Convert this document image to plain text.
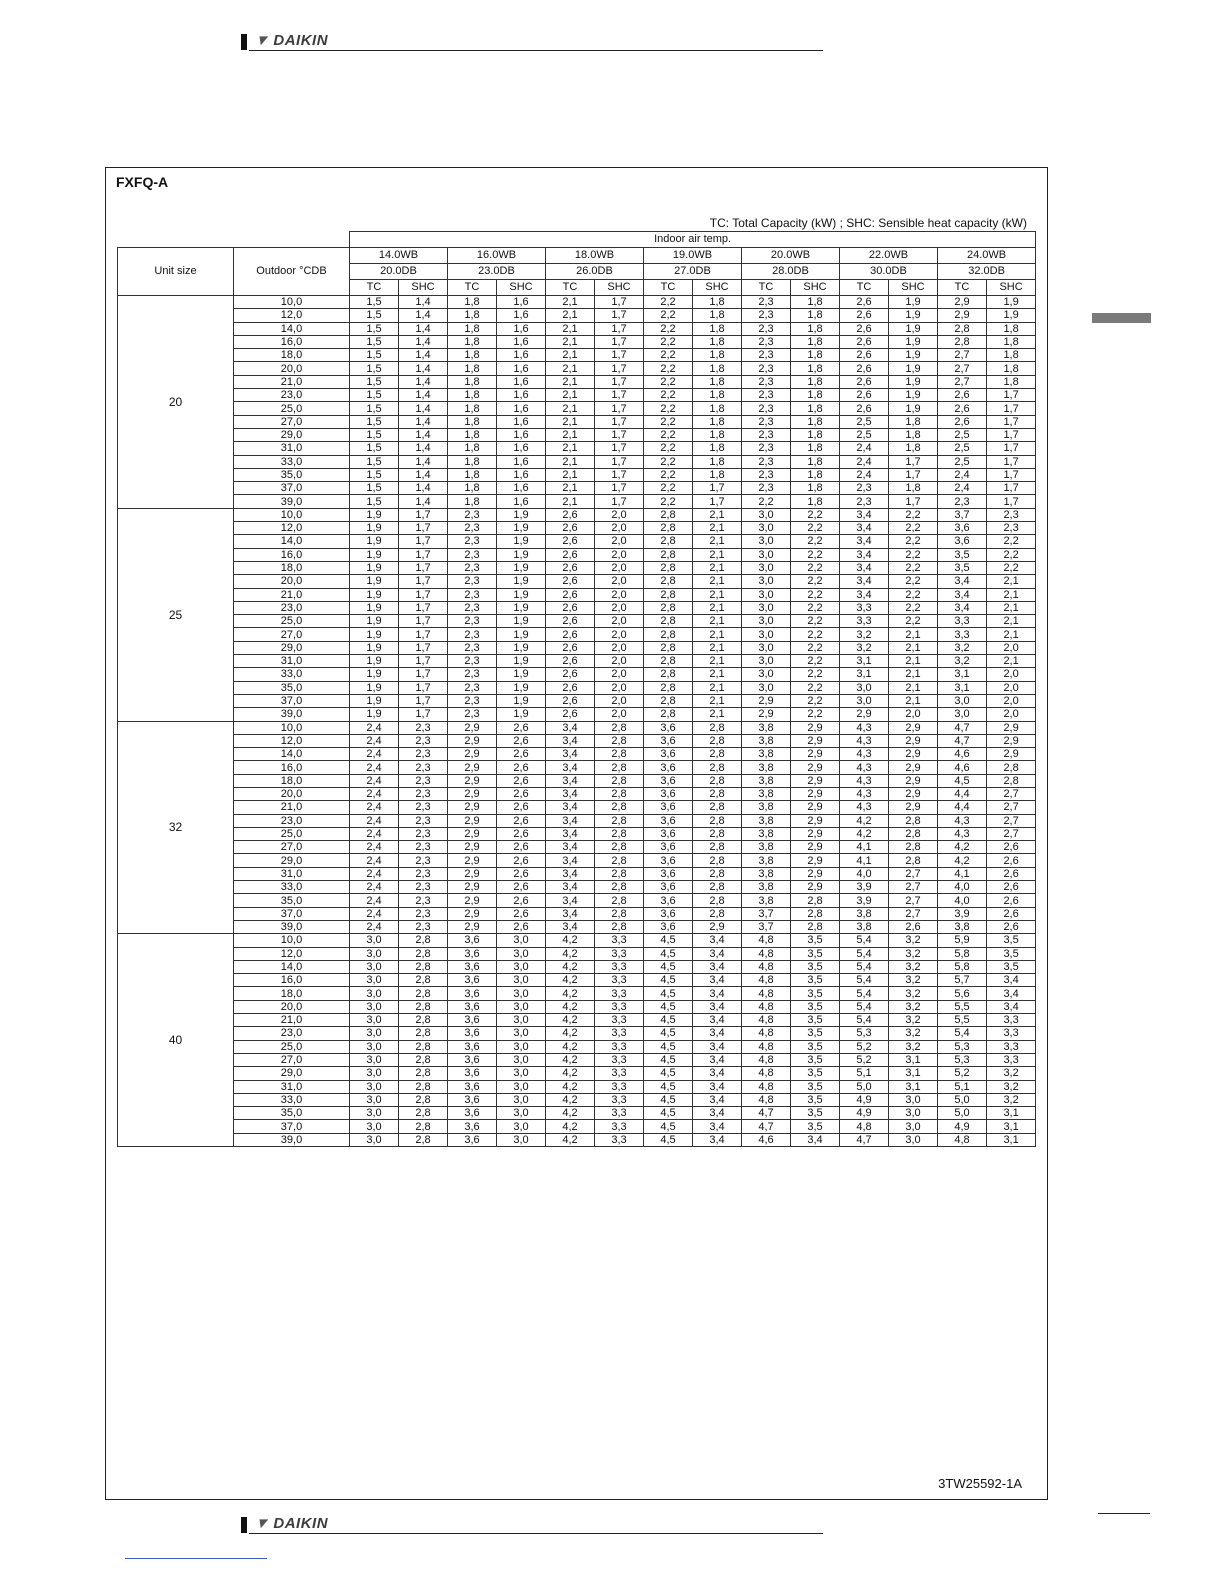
▼DAIKIN
FXFQ-A
TC: Total Capacity (kW) ; SHC: Sensible heat capacity (kW)
		Indoor air temp.													
Unit size	Outdoor °CDB	14.0WB		16.0WB		18.0WB		19.0WB		20.0WB		22.0WB		24.0WB	
		20.0DB		23.0DB		26.0DB		27.0DB		28.0DB		30.0DB		32.0DB	
		TC	SHC	TC	SHC	TC	SHC	TC	SHC	TC	SHC	TC	SHC	TC	SHC
20	10,0	1,5	1,4	1,8	1,6	2,1	1,7	2,2	1,8	2,3	1,8	2,6	1,9	2,9	1,9
	12,0	1,5	1,4	1,8	1,6	2,1	1,7	2,2	1,8	2,3	1,8	2,6	1,9	2,9	1,9
	14,0	1,5	1,4	1,8	1,6	2,1	1,7	2,2	1,8	2,3	1,8	2,6	1,9	2,8	1,8
	16,0	1,5	1,4	1,8	1,6	2,1	1,7	2,2	1,8	2,3	1,8	2,6	1,9	2,8	1,8
	18,0	1,5	1,4	1,8	1,6	2,1	1,7	2,2	1,8	2,3	1,8	2,6	1,9	2,7	1,8
	20,0	1,5	1,4	1,8	1,6	2,1	1,7	2,2	1,8	2,3	1,8	2,6	1,9	2,7	1,8
	21,0	1,5	1,4	1,8	1,6	2,1	1,7	2,2	1,8	2,3	1,8	2,6	1,9	2,7	1,8
	23,0	1,5	1,4	1,8	1,6	2,1	1,7	2,2	1,8	2,3	1,8	2,6	1,9	2,6	1,7
	25,0	1,5	1,4	1,8	1,6	2,1	1,7	2,2	1,8	2,3	1,8	2,6	1,9	2,6	1,7
	27,0	1,5	1,4	1,8	1,6	2,1	1,7	2,2	1,8	2,3	1,8	2,5	1,8	2,6	1,7
	29,0	1,5	1,4	1,8	1,6	2,1	1,7	2,2	1,8	2,3	1,8	2,5	1,8	2,5	1,7
	31,0	1,5	1,4	1,8	1,6	2,1	1,7	2,2	1,8	2,3	1,8	2,4	1,8	2,5	1,7
	33,0	1,5	1,4	1,8	1,6	2,1	1,7	2,2	1,8	2,3	1,8	2,4	1,7	2,5	1,7
	35,0	1,5	1,4	1,8	1,6	2,1	1,7	2,2	1,8	2,3	1,8	2,4	1,7	2,4	1,7
	37,0	1,5	1,4	1,8	1,6	2,1	1,7	2,2	1,7	2,3	1,8	2,3	1,8	2,4	1,7
	39,0	1,5	1,4	1,8	1,6	2,1	1,7	2,2	1,7	2,2	1,8	2,3	1,7	2,3	1,7
25	10,0	1,9	1,7	2,3	1,9	2,6	2,0	2,8	2,1	3,0	2,2	3,4	2,2	3,7	2,3
	12,0	1,9	1,7	2,3	1,9	2,6	2,0	2,8	2,1	3,0	2,2	3,4	2,2	3,6	2,3
	14,0	1,9	1,7	2,3	1,9	2,6	2,0	2,8	2,1	3,0	2,2	3,4	2,2	3,6	2,2
	16,0	1,9	1,7	2,3	1,9	2,6	2,0	2,8	2,1	3,0	2,2	3,4	2,2	3,5	2,2
	18,0	1,9	1,7	2,3	1,9	2,6	2,0	2,8	2,1	3,0	2,2	3,4	2,2	3,5	2,2
	20,0	1,9	1,7	2,3	1,9	2,6	2,0	2,8	2,1	3,0	2,2	3,4	2,2	3,4	2,1
	21,0	1,9	1,7	2,3	1,9	2,6	2,0	2,8	2,1	3,0	2,2	3,4	2,2	3,4	2,1
	23,0	1,9	1,7	2,3	1,9	2,6	2,0	2,8	2,1	3,0	2,2	3,3	2,2	3,4	2,1
	25,0	1,9	1,7	2,3	1,9	2,6	2,0	2,8	2,1	3,0	2,2	3,3	2,2	3,3	2,1
	27,0	1,9	1,7	2,3	1,9	2,6	2,0	2,8	2,1	3,0	2,2	3,2	2,1	3,3	2,1
	29,0	1,9	1,7	2,3	1,9	2,6	2,0	2,8	2,1	3,0	2,2	3,2	2,1	3,2	2,0
	31,0	1,9	1,7	2,3	1,9	2,6	2,0	2,8	2,1	3,0	2,2	3,1	2,1	3,2	2,1
	33,0	1,9	1,7	2,3	1,9	2,6	2,0	2,8	2,1	3,0	2,2	3,1	2,1	3,1	2,0
	35,0	1,9	1,7	2,3	1,9	2,6	2,0	2,8	2,1	3,0	2,2	3,0	2,1	3,1	2,0
	37,0	1,9	1,7	2,3	1,9	2,6	2,0	2,8	2,1	2,9	2,2	3,0	2,1	3,0	2,0
	39,0	1,9	1,7	2,3	1,9	2,6	2,0	2,8	2,1	2,9	2,2	2,9	2,0	3,0	2,0
32	10,0	2,4	2,3	2,9	2,6	3,4	2,8	3,6	2,8	3,8	2,9	4,3	2,9	4,7	2,9
	12,0	2,4	2,3	2,9	2,6	3,4	2,8	3,6	2,8	3,8	2,9	4,3	2,9	4,7	2,9
	14,0	2,4	2,3	2,9	2,6	3,4	2,8	3,6	2,8	3,8	2,9	4,3	2,9	4,6	2,9
	16,0	2,4	2,3	2,9	2,6	3,4	2,8	3,6	2,8	3,8	2,9	4,3	2,9	4,6	2,8
	18,0	2,4	2,3	2,9	2,6	3,4	2,8	3,6	2,8	3,8	2,9	4,3	2,9	4,5	2,8
	20,0	2,4	2,3	2,9	2,6	3,4	2,8	3,6	2,8	3,8	2,9	4,3	2,9	4,4	2,7
	21,0	2,4	2,3	2,9	2,6	3,4	2,8	3,6	2,8	3,8	2,9	4,3	2,9	4,4	2,7
	23,0	2,4	2,3	2,9	2,6	3,4	2,8	3,6	2,8	3,8	2,9	4,2	2,8	4,3	2,7
	25,0	2,4	2,3	2,9	2,6	3,4	2,8	3,6	2,8	3,8	2,9	4,2	2,8	4,3	2,7
	27,0	2,4	2,3	2,9	2,6	3,4	2,8	3,6	2,8	3,8	2,9	4,1	2,8	4,2	2,6
	29,0	2,4	2,3	2,9	2,6	3,4	2,8	3,6	2,8	3,8	2,9	4,1	2,8	4,2	2,6
	31,0	2,4	2,3	2,9	2,6	3,4	2,8	3,6	2,8	3,8	2,9	4,0	2,7	4,1	2,6
	33,0	2,4	2,3	2,9	2,6	3,4	2,8	3,6	2,8	3,8	2,9	3,9	2,7	4,0	2,6
	35,0	2,4	2,3	2,9	2,6	3,4	2,8	3,6	2,8	3,8	2,8	3,9	2,7	4,0	2,6
	37,0	2,4	2,3	2,9	2,6	3,4	2,8	3,6	2,8	3,7	2,8	3,8	2,7	3,9	2,6
	39,0	2,4	2,3	2,9	2,6	3,4	2,8	3,6	2,9	3,7	2,8	3,8	2,6	3,8	2,6
40	10,0	3,0	2,8	3,6	3,0	4,2	3,3	4,5	3,4	4,8	3,5	5,4	3,2	5,9	3,5
	12,0	3,0	2,8	3,6	3,0	4,2	3,3	4,5	3,4	4,8	3,5	5,4	3,2	5,8	3,5
	14,0	3,0	2,8	3,6	3,0	4,2	3,3	4,5	3,4	4,8	3,5	5,4	3,2	5,8	3,5
	16,0	3,0	2,8	3,6	3,0	4,2	3,3	4,5	3,4	4,8	3,5	5,4	3,2	5,7	3,4
	18,0	3,0	2,8	3,6	3,0	4,2	3,3	4,5	3,4	4,8	3,5	5,4	3,2	5,6	3,4
	20,0	3,0	2,8	3,6	3,0	4,2	3,3	4,5	3,4	4,8	3,5	5,4	3,2	5,5	3,4
	21,0	3,0	2,8	3,6	3,0	4,2	3,3	4,5	3,4	4,8	3,5	5,4	3,2	5,5	3,3
	23,0	3,0	2,8	3,6	3,0	4,2	3,3	4,5	3,4	4,8	3,5	5,3	3,2	5,4	3,3
	25,0	3,0	2,8	3,6	3,0	4,2	3,3	4,5	3,4	4,8	3,5	5,2	3,2	5,3	3,3
	27,0	3,0	2,8	3,6	3,0	4,2	3,3	4,5	3,4	4,8	3,5	5,2	3,1	5,3	3,3
	29,0	3,0	2,8	3,6	3,0	4,2	3,3	4,5	3,4	4,8	3,5	5,1	3,1	5,2	3,2
	31,0	3,0	2,8	3,6	3,0	4,2	3,3	4,5	3,4	4,8	3,5	5,0	3,1	5,1	3,2
	33,0	3,0	2,8	3,6	3,0	4,2	3,3	4,5	3,4	4,8	3,5	4,9	3,0	5,0	3,2
	35,0	3,0	2,8	3,6	3,0	4,2	3,3	4,5	3,4	4,7	3,5	4,9	3,0	5,0	3,1
	37,0	3,0	2,8	3,6	3,0	4,2	3,3	4,5	3,4	4,7	3,5	4,8	3,0	4,9	3,1
	39,0	3,0	2,8	3,6	3,0	4,2	3,3	4,5	3,4	4,6	3,4	4,7	3,0	4,8	3,1
3TW25592-1A
▼DAIKIN
